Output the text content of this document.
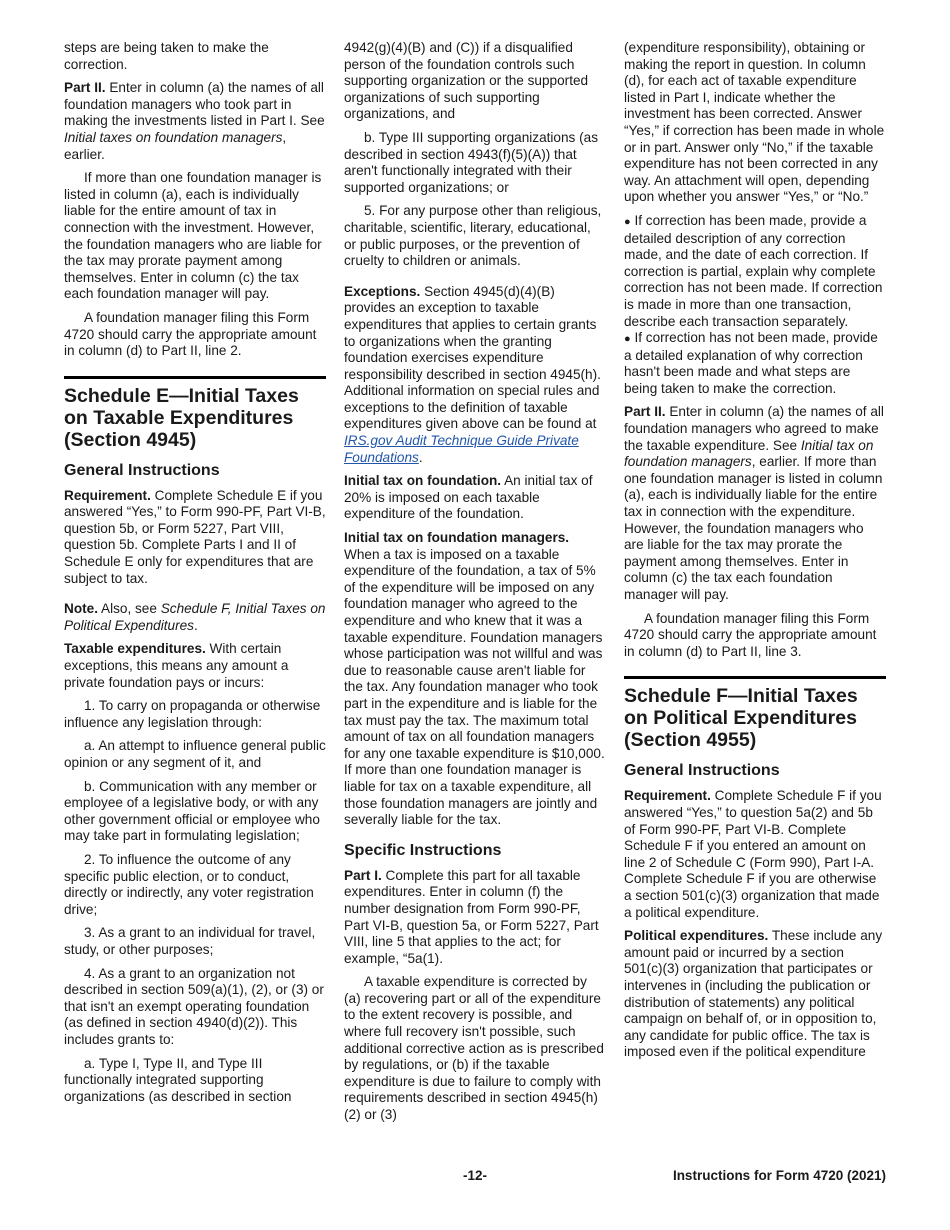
steps are being taken to make the correction.

Part II. Enter in column (a) the names of all foundation managers who took part in making the investments listed in Part I. See Initial taxes on foundation managers, earlier.

If more than one foundation manager is listed in column (a), each is individually liable for the entire amount of tax in connection with the investment. However, the foundation managers who are liable for the tax may prorate payment among themselves. Enter in column (c) the tax each foundation manager will pay.

A foundation manager filing this Form 4720 should carry the appropriate amount in column (d) to Part II, line 2.

Schedule E—Initial Taxes on Taxable Expenditures (Section 4945)
General Instructions

Requirement. Complete Schedule E if you answered “Yes,” to Form 990-PF, Part VI-B, question 5b, or Form 5227, Part VIII, question 5b. Complete Parts I and II of Schedule E only for expenditures that are subject to tax.

Note. Also, see Schedule F, Initial Taxes on Political Expenditures.

Taxable expenditures. With certain exceptions, this means any amount a private foundation pays or incurs:

1. To carry on propaganda or otherwise influence any legislation through:

a. An attempt to influence general public opinion or any segment of it, and

b. Communication with any member or employee of a legislative body, or with any other government official or employee who may take part in formulating legislation;

2. To influence the outcome of any specific public election, or to conduct, directly or indirectly, any voter registration drive;

3. As a grant to an individual for travel, study, or other purposes;

4. As a grant to an organization not described in section 509(a)(1), (2), or (3) or that isn't an exempt operating foundation (as defined in section 4940(d)(2)). This includes grants to:

a. Type I, Type II, and Type III functionally integrated supporting organizations (as described in section

4942(g)(4)(B) and (C)) if a disqualified person of the foundation controls such supporting organization or the supported organizations of such supporting organizations, and

b. Type III supporting organizations (as described in section 4943(f)(5)(A)) that aren't functionally integrated with their supported organizations; or

5. For any purpose other than religious, charitable, scientific, literary, educational, or public purposes, or the prevention of cruelty to children or animals.

Exceptions. Section 4945(d)(4)(B) provides an exception to taxable expenditures that applies to certain grants to organizations when the granting foundation exercises expenditure responsibility described in section 4945(h). Additional information on special rules and exceptions to the definition of taxable expenditures given above can be found at IRS.gov Audit Technique Guide Private Foundations.

Initial tax on foundation. An initial tax of 20% is imposed on each taxable expenditure of the foundation.

Initial tax on foundation managers. When a tax is imposed on a taxable expenditure of the foundation, a tax of 5% of the expenditure will be imposed on any foundation manager who agreed to the expenditure and who knew that it was a taxable expenditure. Foundation managers whose participation was not willful and was due to reasonable cause aren't liable for the tax. Any foundation manager who took part in the expenditure and is liable for the tax must pay the tax. The maximum total amount of tax on all foundation managers for any one taxable expenditure is $10,000. If more than one foundation manager is liable for tax on a taxable expenditure, all those foundation managers are jointly and severally liable for the tax.

Specific Instructions

Part I. Complete this part for all taxable expenditures. Enter in column (f) the number designation from Form 990-PF, Part VI-B, question 5a, or Form 5227, Part VIII, line 5 that applies to the act; for example, “5a(1).

A taxable expenditure is corrected by (a) recovering part or all of the expenditure to the extent recovery is possible, and where full recovery isn't possible, such additional corrective action as is prescribed by regulations, or (b) if the taxable expenditure is due to failure to comply with requirements described in section 4945(h)(2) or (3)

(expenditure responsibility), obtaining or making the report in question. In column (d), for each act of taxable expenditure listed in Part I, indicate whether the investment has been corrected. Answer “Yes,” if correction has been made in whole or in part. Answer only “No,” if the taxable expenditure has not been corrected in any way. An attachment will open, depending upon whether you answer “Yes,” or “No.”

● If correction has been made, provide a detailed description of any correction made, and the date of each correction. If correction is partial, explain why complete correction has not been made. If correction is made in more than one transaction, describe each transaction separately.
● If correction has not been made, provide a detailed explanation of why correction hasn't been made and what steps are being taken to make the correction.

Part II. Enter in column (a) the names of all foundation managers who agreed to make the taxable expenditure. See Initial tax on foundation managers, earlier. If more than one foundation manager is listed in column (a), each is individually liable for the entire tax in connection with the expenditure. However, the foundation managers who are liable for the tax may prorate the payment among themselves. Enter in column (c) the tax each foundation manager will pay.

A foundation manager filing this Form 4720 should carry the appropriate amount in column (d) to Part II, line 3.

Schedule F—Initial Taxes on Political Expenditures (Section 4955)
General Instructions

Requirement. Complete Schedule F if you answered “Yes,” to question 5a(2) and 5b of Form 990-PF, Part VI-B. Complete Schedule F if you entered an amount on line 2 of Schedule C (Form 990), Part I-A. Complete Schedule F if you are otherwise a section 501(c)(3) organization that made a political expenditure.

Political expenditures. These include any amount paid or incurred by a section 501(c)(3) organization that participates or intervenes in (including the publication or distribution of statements) any political campaign on behalf of, or in opposition to, any candidate for public office. The tax is imposed even if the political expenditure

-12-	Instructions for Form 4720 (2021)
